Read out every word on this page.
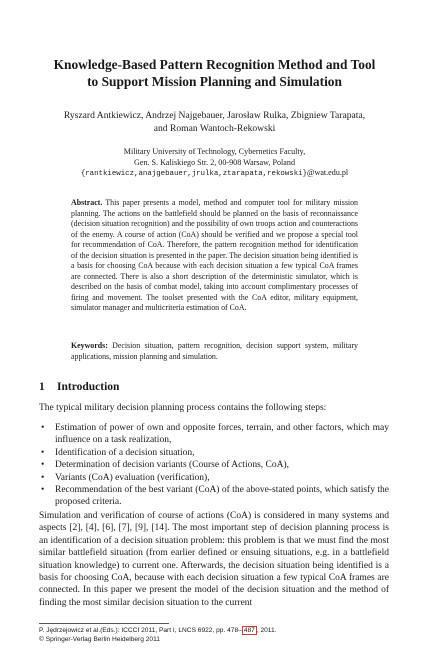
Knowledge-Based Pattern Recognition Method and Tool
to Support Mission Planning and Simulation
Ryszard Antkiewicz, Andrzej Najgebauer, Jarosław Rulka, Zbigniew Tarapata,
and Roman Wantoch-Rekowski
Military University of Technology, Cybernetics Faculty,
Gen. S. Kaliskiego Str. 2, 00-908 Warsaw, Poland
{rantkiewicz,anajgebauer,jrulka,ztarapata,rekowski}@wat.edu.pl
Abstract. This paper presents a model, method and computer tool for military mission planning. The actions on the battlefield should be planned on the basis of reconnaissance (decision situation recognition) and the possibility of own troops action and counteractions of the enemy. A course of action (CoA) should be verified and we propose a special tool for recommendation of CoA. Therefore, the pattern recognition method for identification of the decision situation is presented in the paper. The decision situation being identified is a basis for choosing CoA because with each decision situation a few typical CoA frames are connected. There is also a short description of the deterministic simulator, which is described on the basis of combat model, taking into account complimentary processes of firing and movement. The toolset presented with the CoA editor, military equipment, simulator manager and multicriteria estimation of CoA.
Keywords: Decision situation, pattern recognition, decision support system, military applications, mission planning and simulation.
1 Introduction
The typical military decision planning process contains the following steps:
• Estimation of power of own and opposite forces, terrain, and other factors, which may influence on a task realization,
• Identification of a decision situation,
• Determination of decision variants (Course of Actions, CoA),
• Variants (CoA) evaluation (verification),
• Recommendation of the best variant (CoA) of the above-stated points, which satisfy the proposed criteria.
Simulation and verification of course of actions (CoA) is considered in many systems and aspects [2], [4], [6], [7], [9], [14]. The most important step of decision planning process is an identification of a decision situation problem: this problem is that we must find the most similar battlefield situation (from earlier defined or ensuing situations, e.g. in a battlefield situation knowledge) to current one. Afterwards, the decision situation being identified is a basis for choosing CoA, because with each decision situation a few typical CoA frames are connected. In this paper we present the model of the decision situation and the method of finding the most similar decision situation to the current
P. Jędrzejowicz et al.(Eds.): ICCCI 2011, Part I, LNCS 6922, pp. 478– 487 , 2011.
© Springer-Verlag Berlin Heidelberg 2011
